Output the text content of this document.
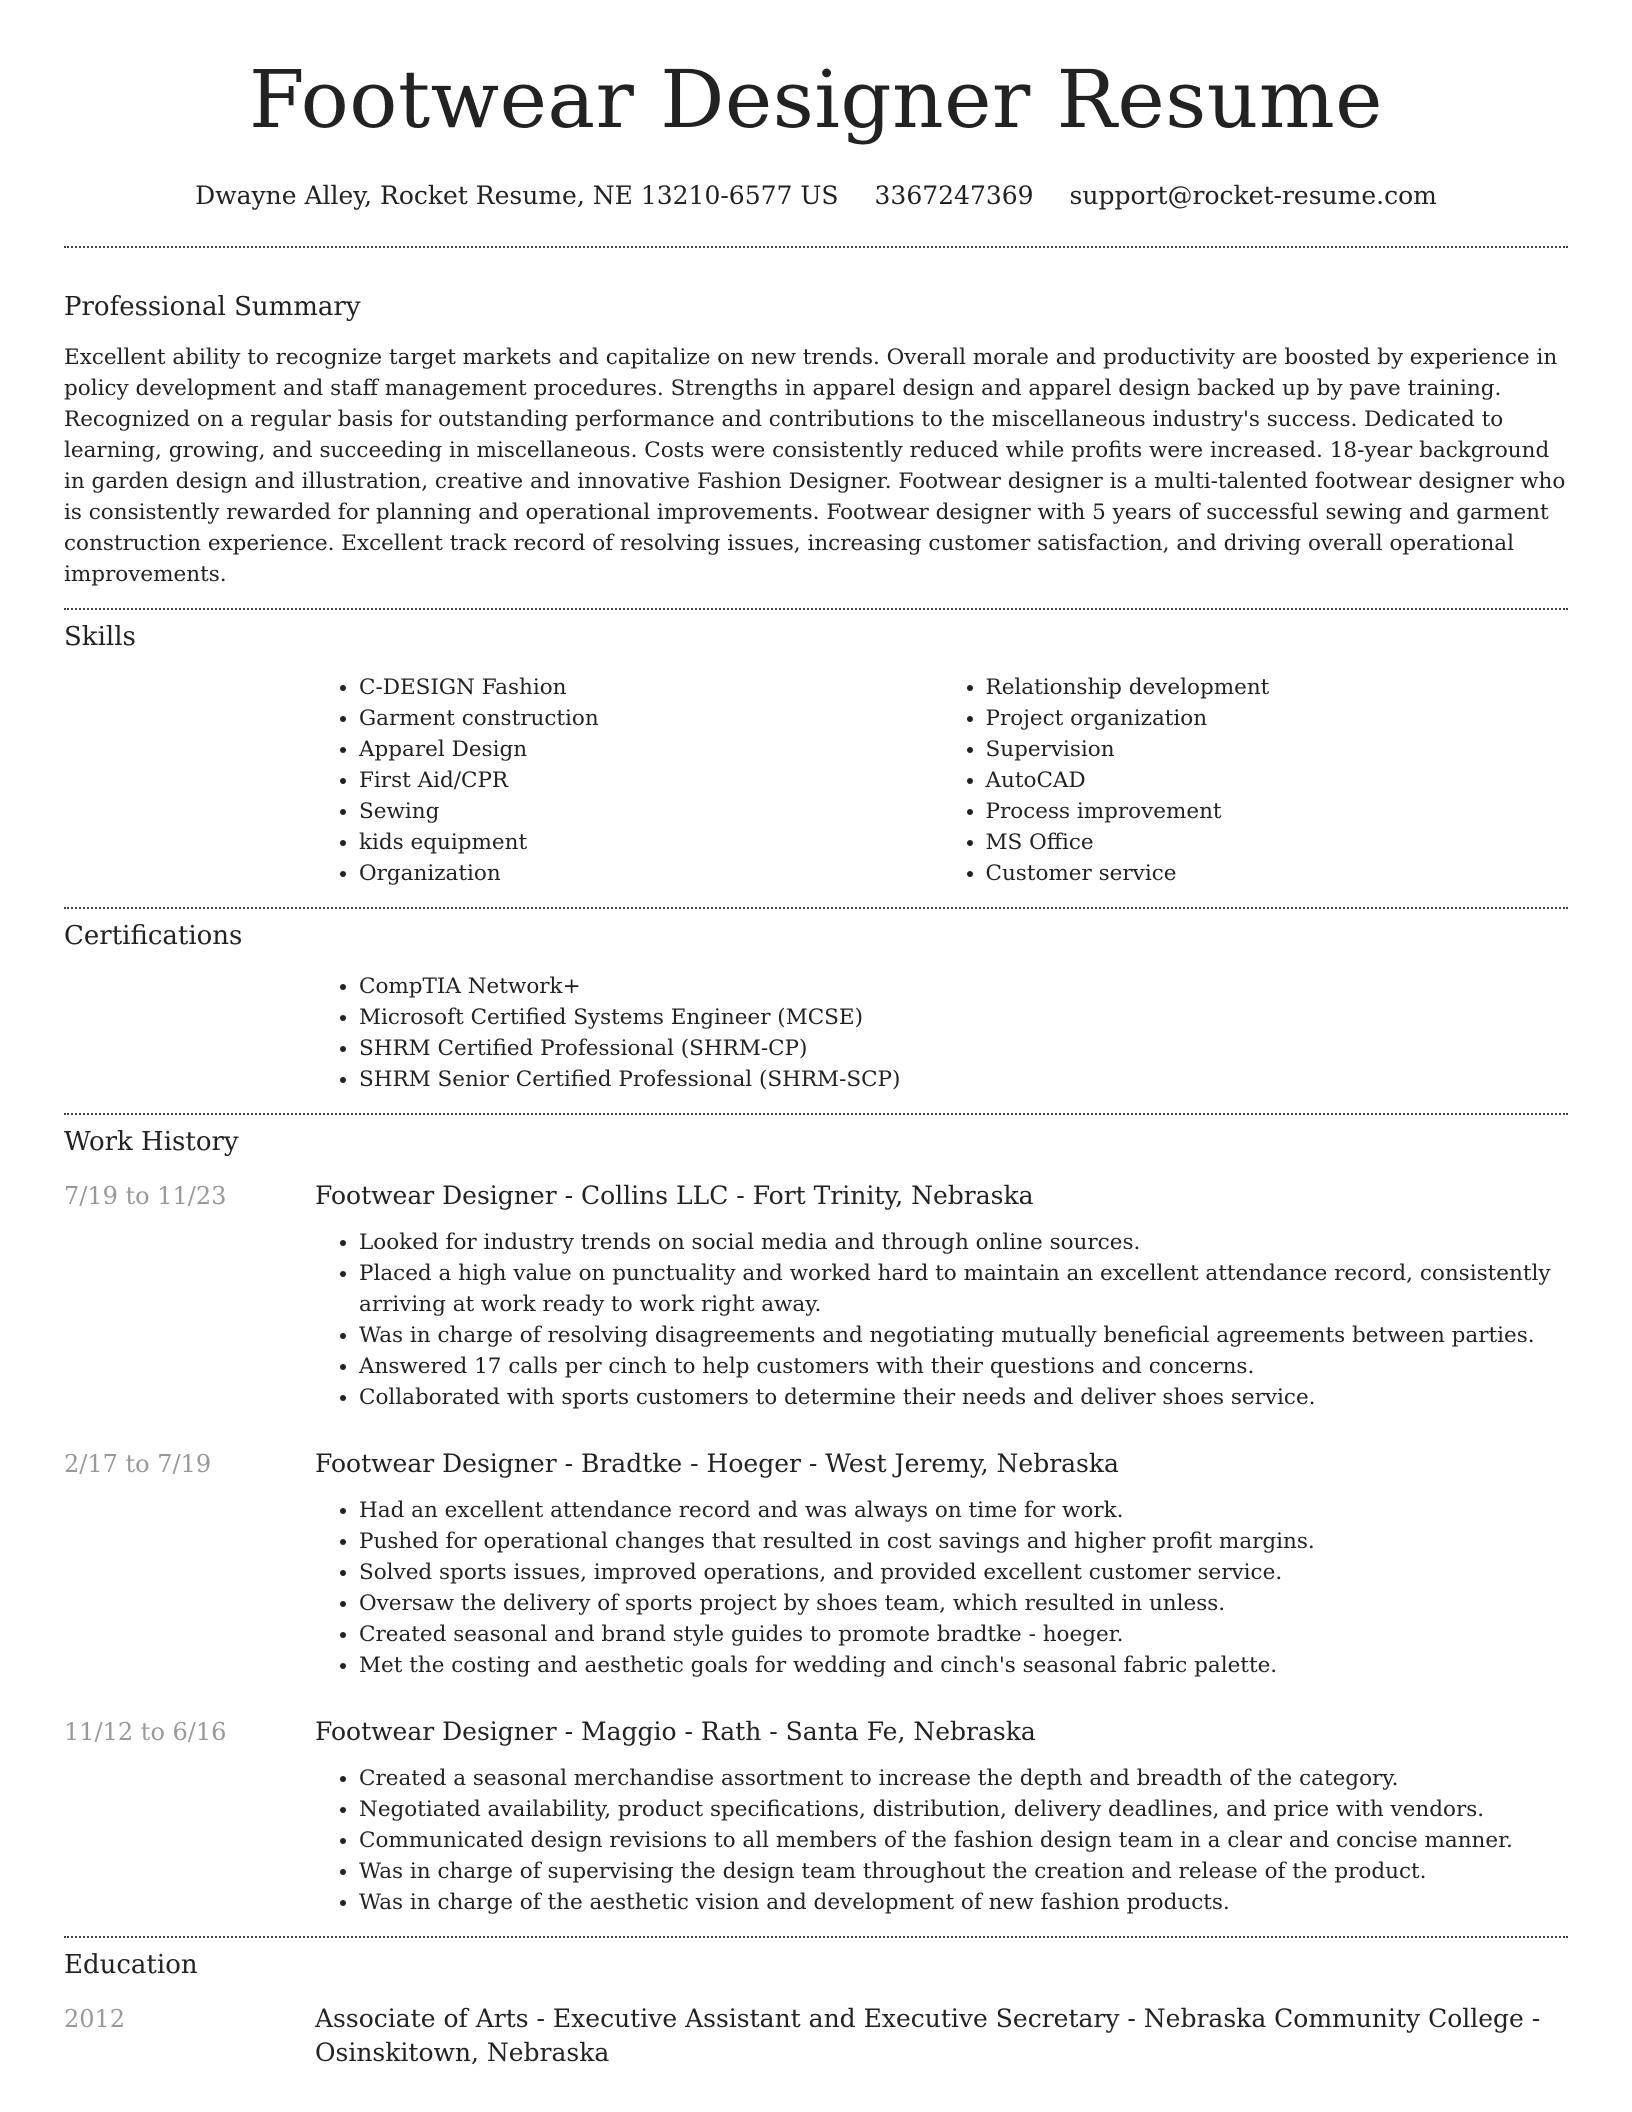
Footwear Designer Resume
Dwayne Alley, Rocket Resume, NE 13210-6577 US 3367247369 support@rocket-resume.com
Professional Summary

Excellent ability to recognize target markets and capitalize on new trends. Overall morale and productivity are boosted by experience in policy development and staff management procedures. Strengths in apparel design and apparel design backed up by pave training. Recognized on a regular basis for outstanding performance and contributions to the miscellaneous industry's success. Dedicated to learning, growing, and succeeding in miscellaneous. Costs were consistently reduced while profits were increased. 18-year background in garden design and illustration, creative and innovative Fashion Designer. Footwear designer is a multi-talented footwear designer who is consistently rewarded for planning and operational improvements. Footwear designer with 5 years of successful sewing and garment construction experience. Excellent track record of resolving issues, increasing customer satisfaction, and driving overall operational improvements.

Skills
• C-DESIGN Fashion
• Garment construction
• Apparel Design
• First Aid/CPR
• Sewing
• kids equipment
• Organization
• Relationship development
• Project organization
• Supervision
• AutoCAD
• Process improvement
• MS Office
• Customer service
Certifications
• CompTIA Network+
• Microsoft Certified Systems Engineer (MCSE)
• SHRM Certified Professional (SHRM-CP)
• SHRM Senior Certified Professional (SHRM-SCP)
Work History
7/19 to 11/23	Footwear Designer - Collins LLC - Fort Trinity, Nebraska
• Looked for industry trends on social media and through online sources.
• Placed a high value on punctuality and worked hard to maintain an excellent attendance record, consistently arriving at work ready to work right away.
• Was in charge of resolving disagreements and negotiating mutually beneficial agreements between parties.
• Answered 17 calls per cinch to help customers with their questions and concerns.
• Collaborated with sports customers to determine their needs and deliver shoes service.
2/17 to 7/19	Footwear Designer - Bradtke - Hoeger - West Jeremy, Nebraska
• Had an excellent attendance record and was always on time for work.
• Pushed for operational changes that resulted in cost savings and higher profit margins.
• Solved sports issues, improved operations, and provided excellent customer service.
• Oversaw the delivery of sports project by shoes team, which resulted in unless.
• Created seasonal and brand style guides to promote bradtke - hoeger.
• Met the costing and aesthetic goals for wedding and cinch's seasonal fabric palette.
11/12 to 6/16	Footwear Designer - Maggio - Rath - Santa Fe, Nebraska
• Created a seasonal merchandise assortment to increase the depth and breadth of the category.
• Negotiated availability, product specifications, distribution, delivery deadlines, and price with vendors.
• Communicated design revisions to all members of the fashion design team in a clear and concise manner.
• Was in charge of supervising the design team throughout the creation and release of the product.
• Was in charge of the aesthetic vision and development of new fashion products.
Education
2012	Associate of Arts - Executive Assistant and Executive Secretary - Nebraska Community College - Osinskitown, Nebraska
